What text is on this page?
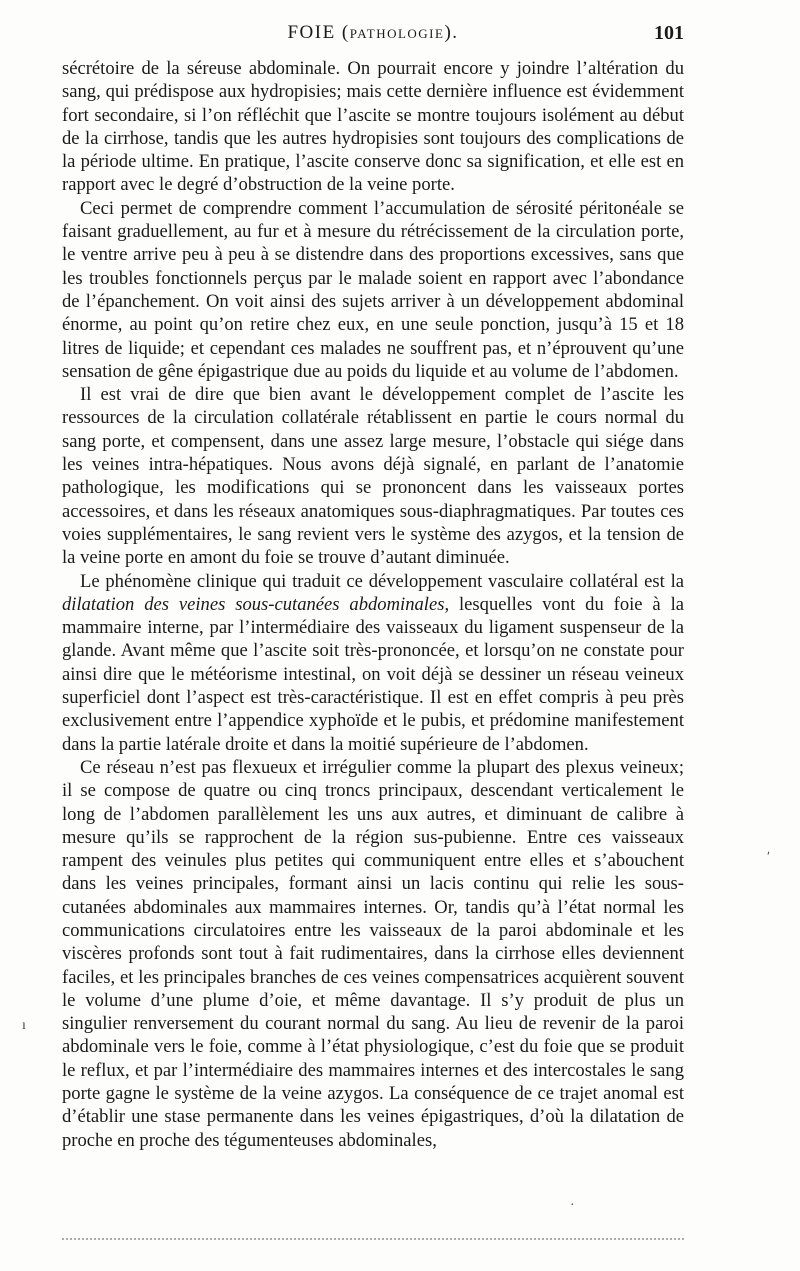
FOIE (PATHOLOGIE).	101

sécrétoire de la séreuse abdominale. On pourrait encore y joindre l’altération du sang, qui prédispose aux hydropisies; mais cette dernière influence est évidemment fort secondaire, si l’on réfléchit que l’ascite se montre toujours isolément au début de la cirrhose, tandis que les autres hydropisies sont toujours des complications de la période ultime. En pratique, l’ascite conserve donc sa signification, et elle est en rapport avec le degré d’obstruction de la veine porte.

Ceci permet de comprendre comment l’accumulation de sérosité péritonéale se faisant graduellement, au fur et à mesure du rétrécissement de la circulation porte, le ventre arrive peu à peu à se distendre dans des proportions excessives, sans que les troubles fonctionnels perçus par le malade soient en rapport avec l’abondance de l’épanchement. On voit ainsi des sujets arriver à un développement abdominal énorme, au point qu’on retire chez eux, en une seule ponction, jusqu’à 15 et 18 litres de liquide; et cependant ces malades ne souffrent pas, et n’éprouvent qu’une sensation de gêne épigastrique due au poids du liquide et au volume de l’abdomen.

Il est vrai de dire que bien avant le développement complet de l’ascite les ressources de la circulation collatérale rétablissent en partie le cours normal du sang porte, et compensent, dans une assez large mesure, l’obstacle qui siége dans les veines intra-hépatiques. Nous avons déjà signalé, en parlant de l’anatomie pathologique, les modifications qui se prononcent dans les vaisseaux portes accessoires, et dans les réseaux anatomiques sous-diaphragmatiques. Par toutes ces voies supplémentaires, le sang revient vers le système des azygos, et la tension de la veine porte en amont du foie se trouve d’autant diminuée.

Le phénomène clinique qui traduit ce développement vasculaire collatéral est la dilatation des veines sous-cutanées abdominales, lesquelles vont du foie à la mammaire interne, par l’intermédiaire des vaisseaux du ligament suspenseur de la glande. Avant même que l’ascite soit très-prononcée, et lorsqu’on ne constate pour ainsi dire que le météorisme intestinal, on voit déjà se dessiner un réseau veineux superficiel dont l’aspect est très-caractéristique. Il est en effet compris à peu près exclusivement entre l’appendice xyphoïde et le pubis, et prédomine manifestement dans la partie latérale droite et dans la moitié supérieure de l’abdomen.

Ce réseau n’est pas flexueux et irrégulier comme la plupart des plexus veineux; il se compose de quatre ou cinq troncs principaux, descendant verticalement le long de l’abdomen parallèlement les uns aux autres, et diminuant de calibre à mesure qu’ils se rapprochent de la région sus-pubienne. Entre ces vaisseaux rampent des veinules plus petites qui communiquent entre elles et s’abouchent dans les veines principales, formant ainsi un lacis continu qui relie les sous-cutanées abdominales aux mammaires internes. Or, tandis qu’à l’état normal les communications circulatoires entre les vaisseaux de la paroi abdominale et les viscères profonds sont tout à fait rudimentaires, dans la cirrhose elles deviennent faciles, et les principales branches de ces veines compensatrices acquièrent souvent le volume d’une plume d’oie, et même davantage. Il s’y produit de plus un singulier renversement du courant normal du sang. Au lieu de revenir de la paroi abdominale vers le foie, comme à l’état physiologique, c’est du foie que se produit le reflux, et par l’intermédiaire des mammaires internes et des intercostales le sang porte gagne le système de la veine azygos. La conséquence de ce trajet anomal est d’établir une stase permanente dans les veines épigastriques, d’où la dilatation de proche en proche des tégumenteuses abdominales,

ʹ
ı
·
